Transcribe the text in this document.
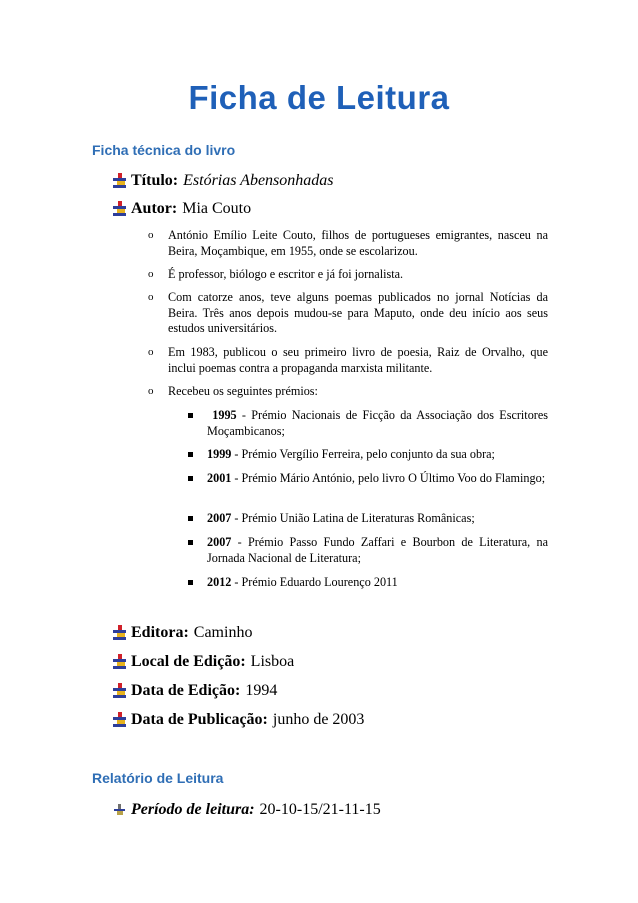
Ficha de Leitura
Ficha técnica do livro
Título: Estórias Abensonhadas
Autor: Mia Couto
o António Emílio Leite Couto, filhos de portugueses emigrantes, nasceu na Beira, Moçambique, em 1955, onde se escolarizou.
o É professor, biólogo e escritor e já foi jornalista.
o Com catorze anos, teve alguns poemas publicados no jornal Notícias da Beira. Três anos depois mudou-se para Maputo, onde deu início aos seus estudos universitários.
o Em 1983, publicou o seu primeiro livro de poesia, Raiz de Orvalho, que inclui poemas contra a propaganda marxista militante.
o Recebeu os seguintes prémios:
1995 - Prémio Nacionais de Ficção da Associação dos Escritores Moçambicanos;
1999 - Prémio Vergílio Ferreira, pelo conjunto da sua obra;
2001 - Prémio Mário António, pelo livro O Último Voo do Flamingo;
2007 - Prémio União Latina de Literaturas Românicas;
2007 - Prémio Passo Fundo Zaffari e Bourbon de Literatura, na Jornada Nacional de Literatura;
2012 - Prémio Eduardo Lourenço 2011
Editora: Caminho
Local de Edição: Lisboa
Data de Edição: 1994
Data de Publicação: junho de 2003
Relatório de Leitura
Período de leitura: 20-10-15/21-11-15
